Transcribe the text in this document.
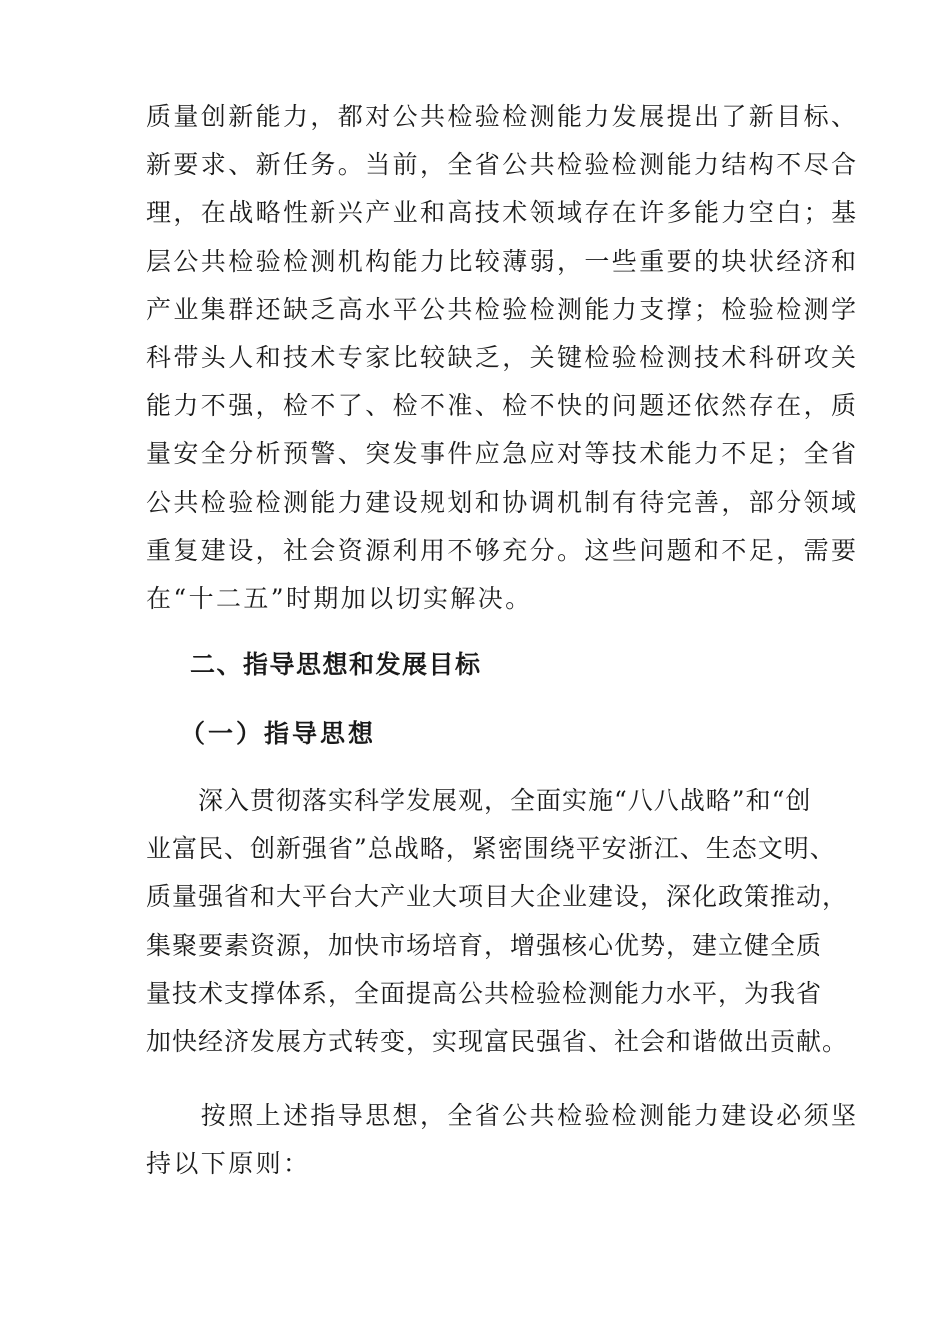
质量创新能力，都对公共检验检测能力发展提出了新目标、
新要求、新任务。当前，全省公共检验检测能力结构不尽合
理，在战略性新兴产业和高技术领域存在许多能力空白；基
层公共检验检测机构能力比较薄弱，一些重要的块状经济和
产业集群还缺乏高水平公共检验检测能力支撑；检验检测学
科带头人和技术专家比较缺乏，关键检验检测技术科研攻关
能力不强，检不了、检不准、检不快的问题还依然存在，质
量安全分析预警、突发事件应急应对等技术能力不足；全省
公共检验检测能力建设规划和协调机制有待完善，部分领域
重复建设，社会资源利用不够充分。这些问题和不足，需要
在“十二五”时期加以切实解决。

二、指导思想和发展目标
（一）指导思想

　　深入贯彻落实科学发展观，全面实施“八八战略”和“创
业富民、创新强省”总战略，紧密围绕平安浙江、生态文明、
质量强省和大平台大产业大项目大企业建设，深化政策推动，
集聚要素资源，加快市场培育，增强核心优势，建立健全质
量技术支撑体系，全面提高公共检验检测能力水平，为我省
加快经济发展方式转变，实现富民强省、社会和谐做出贡献。

　　按照上述指导思想，全省公共检验检测能力建设必须坚
持以下原则：
